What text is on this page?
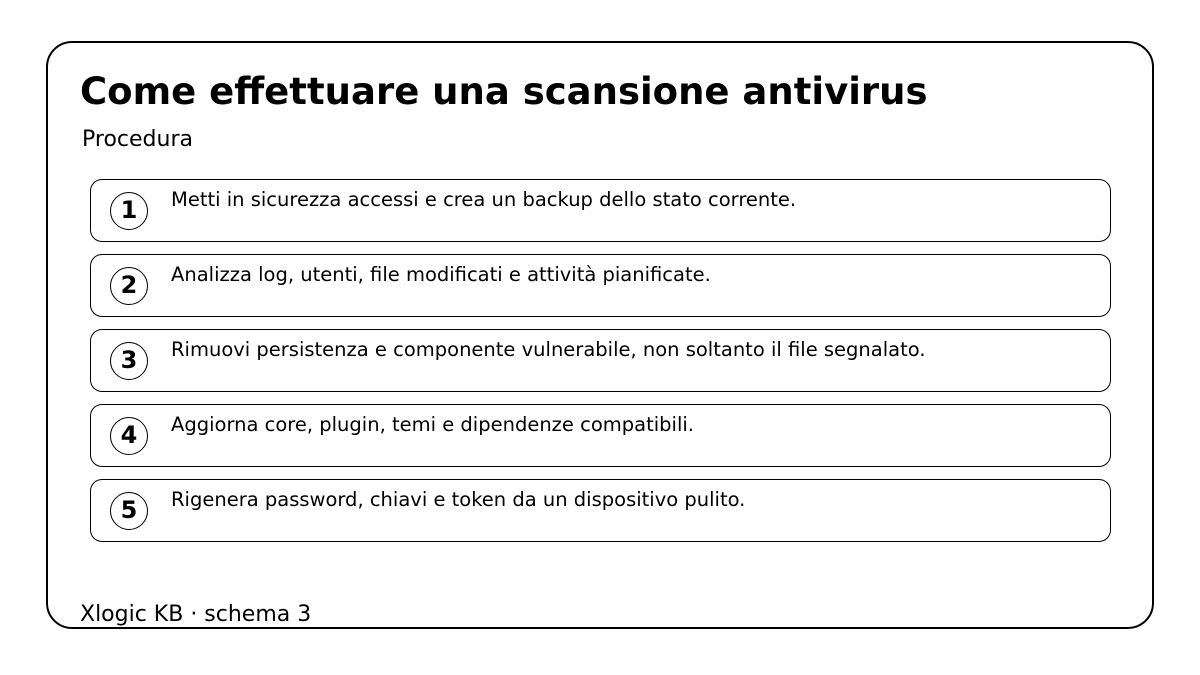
Come effettuare una scansione antivirus
Procedura
1	Metti in sicurezza accessi e crea un backup dello stato corrente.
2	Analizza log, utenti, file modificati e attività pianificate.
3	Rimuovi persistenza e componente vulnerabile, non soltanto il file segnalato.
4	Aggiorna core, plugin, temi e dipendenze compatibili.
5	Rigenera password, chiavi e token da un dispositivo pulito.
Xlogic KB · schema 3
